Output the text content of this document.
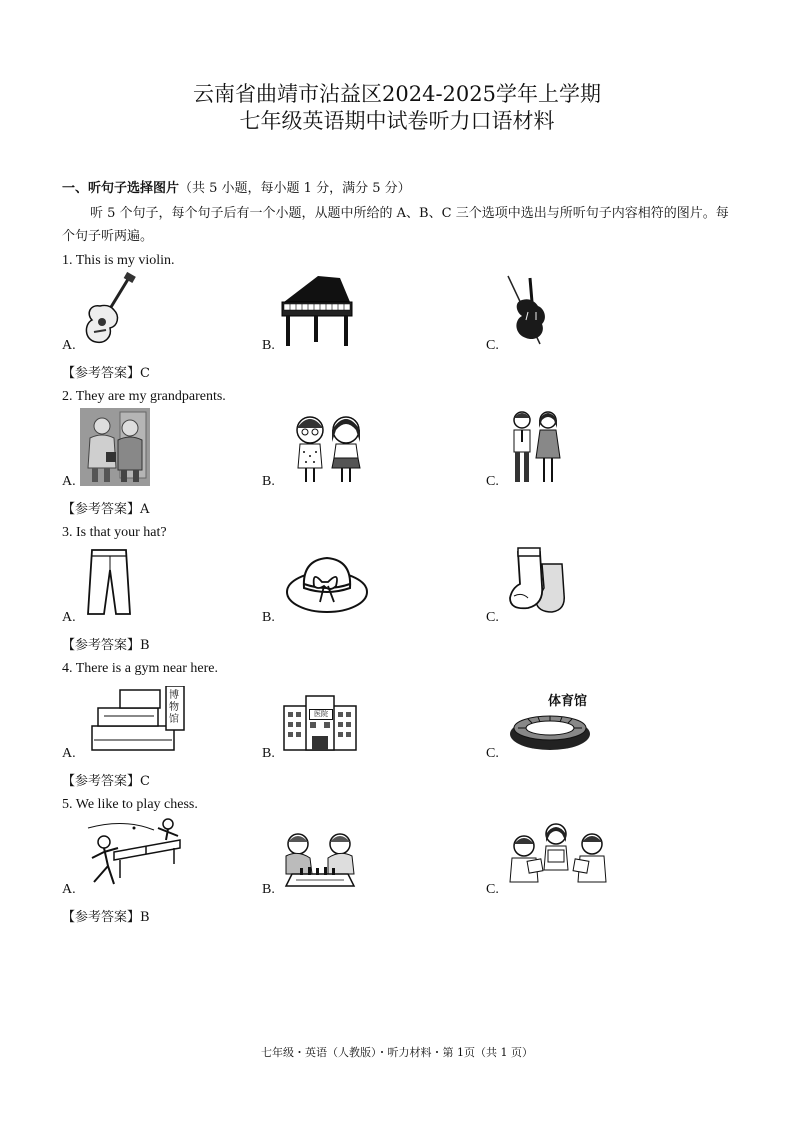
云南省曲靖市沾益区2024-2025学年上学期
七年级英语期中试卷听力口语材料
一、听句子选择图片（共 5 小题，每小题 1 分，满分 5 分）
听 5 个句子，每个句子后有一个小题，从题中所给的 A、B、C 三个选项中选出与所听句子内容相符的图片。每个句子听两遍。
1. This is my violin.
A.	B.	C.
【参考答案】C
2. They are my grandparents.
A.	B.	C.
【参考答案】A
3. Is that your hat?
A.	B.	C.
【参考答案】B
4. There is a gym near here.
A.	B.	C.
博物馆	医院
体育馆
【参考答案】C
5. We like to play chess.
A.	B.	C.
【参考答案】B
七年级・英语（人教版）・听力材料・第 1页（共 1 页）
